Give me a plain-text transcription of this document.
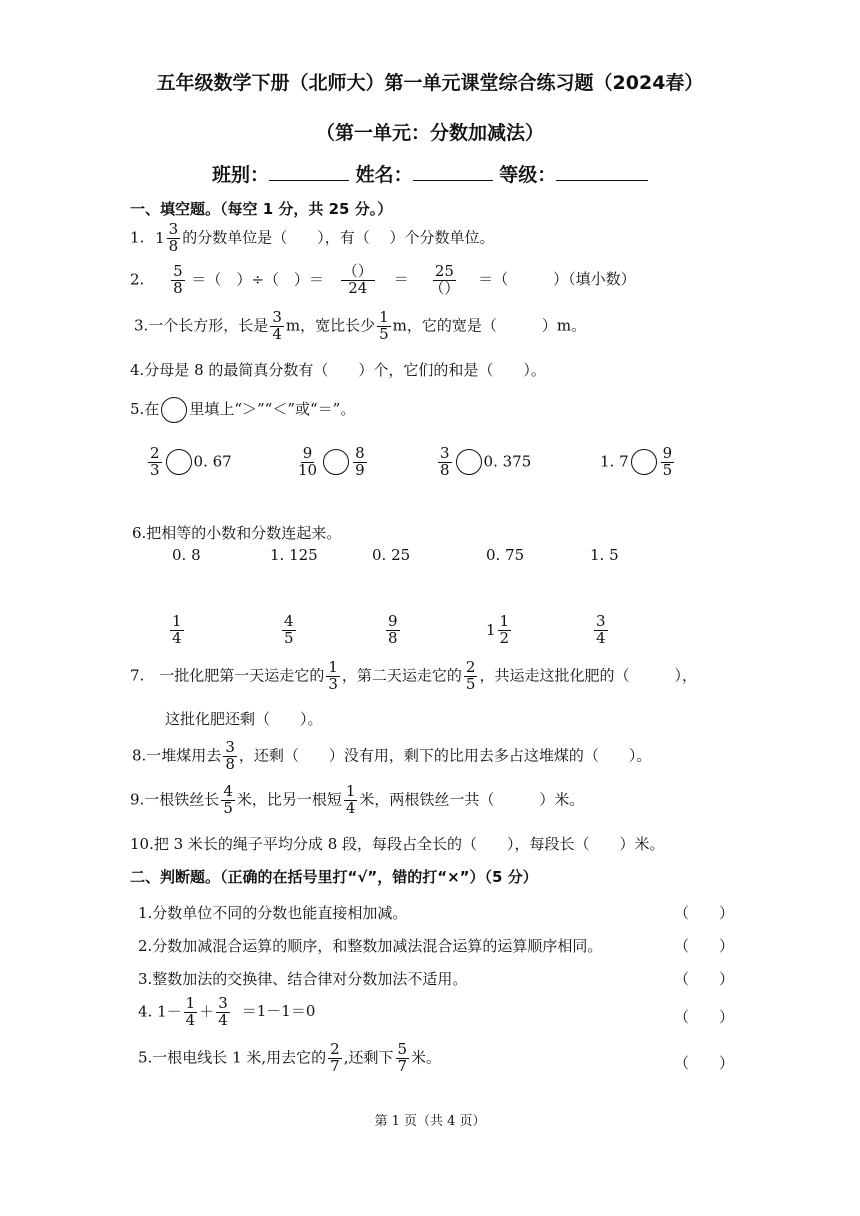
五年级数学下册（北师大）第一单元课堂综合练习题（2024春）
（第一单元：分数加减法）
班别：	姓名：	等级：
一、填空题。（每空 1 分，共 25 分。）
1. $1 \frac{3}{8}$ 的分数单位是（　　），有（　 ）个分数单位。
2. $\frac{5}{8}$ ＝（　）÷（　）＝ $\frac{()}{24} = \frac{25}{()}$ ＝（　　　）（填小数）
3.一个长方形，长是 $\frac{3}{4}$ m，宽比长少 $\frac{1}{5}$ m，它的宽是（　　　）m。
4.分母是 8 的最简真分数有（　　）个，它们的和是（　　）。
5.在 里填上“＞”“＜”或“＝”。
$\frac{2}{3} 0$. 67	$\frac{9}{10} \frac{8}{9}$	$\frac{3}{8} 0$. 375	1. $7 \frac{9}{5}$
6.把相等的小数和分数连起来。
0. 8	1. 125	0. 25	0. 75	1. 5
$\frac{1}{4}$	$\frac{4}{5}$	$\frac{9}{8}$	$1 \frac{1}{2}$	$\frac{3}{4}$
7.　一批化肥第一天运走它的 $\frac{1}{3}$ ，第二天运走它的 $\frac{2}{5}$ ，共运走这批化肥的（　　　），
这批化肥还剩（　　）。
8.一堆煤用去 $\frac{3}{8}$ ，还剩（　　）没有用，剩下的比用去多占这堆煤的（　　）。
9.一根铁丝长 $\frac{4}{5}$ 米，比另一根短 $\frac{1}{4}$ 米，两根铁丝一共（　　　）米。
10.把 3 米长的绳子平均分成 8 段，每段占全长的（　　），每段长（　　）米。
二、判断题。（正确的在括号里打“√”，错的打“×”）（5 分）
1.分数单位不同的分数也能直接相加减。	（　　）
2.分数加减混合运算的顺序，和整数加减法混合运算的运算顺序相同。	（　　）
3.整数加法的交换律、结合律对分数加法不适用。	（　　）
4. $1- \frac{1}{4} + \frac{3}{4} =1-1=0$	（　　）
5.一根电线长 1 米,用去它的 $\frac{2}{7}$ ,还剩下 $\frac{5}{7}$ 米。	（　　）
第 1 页（共 4 页）
